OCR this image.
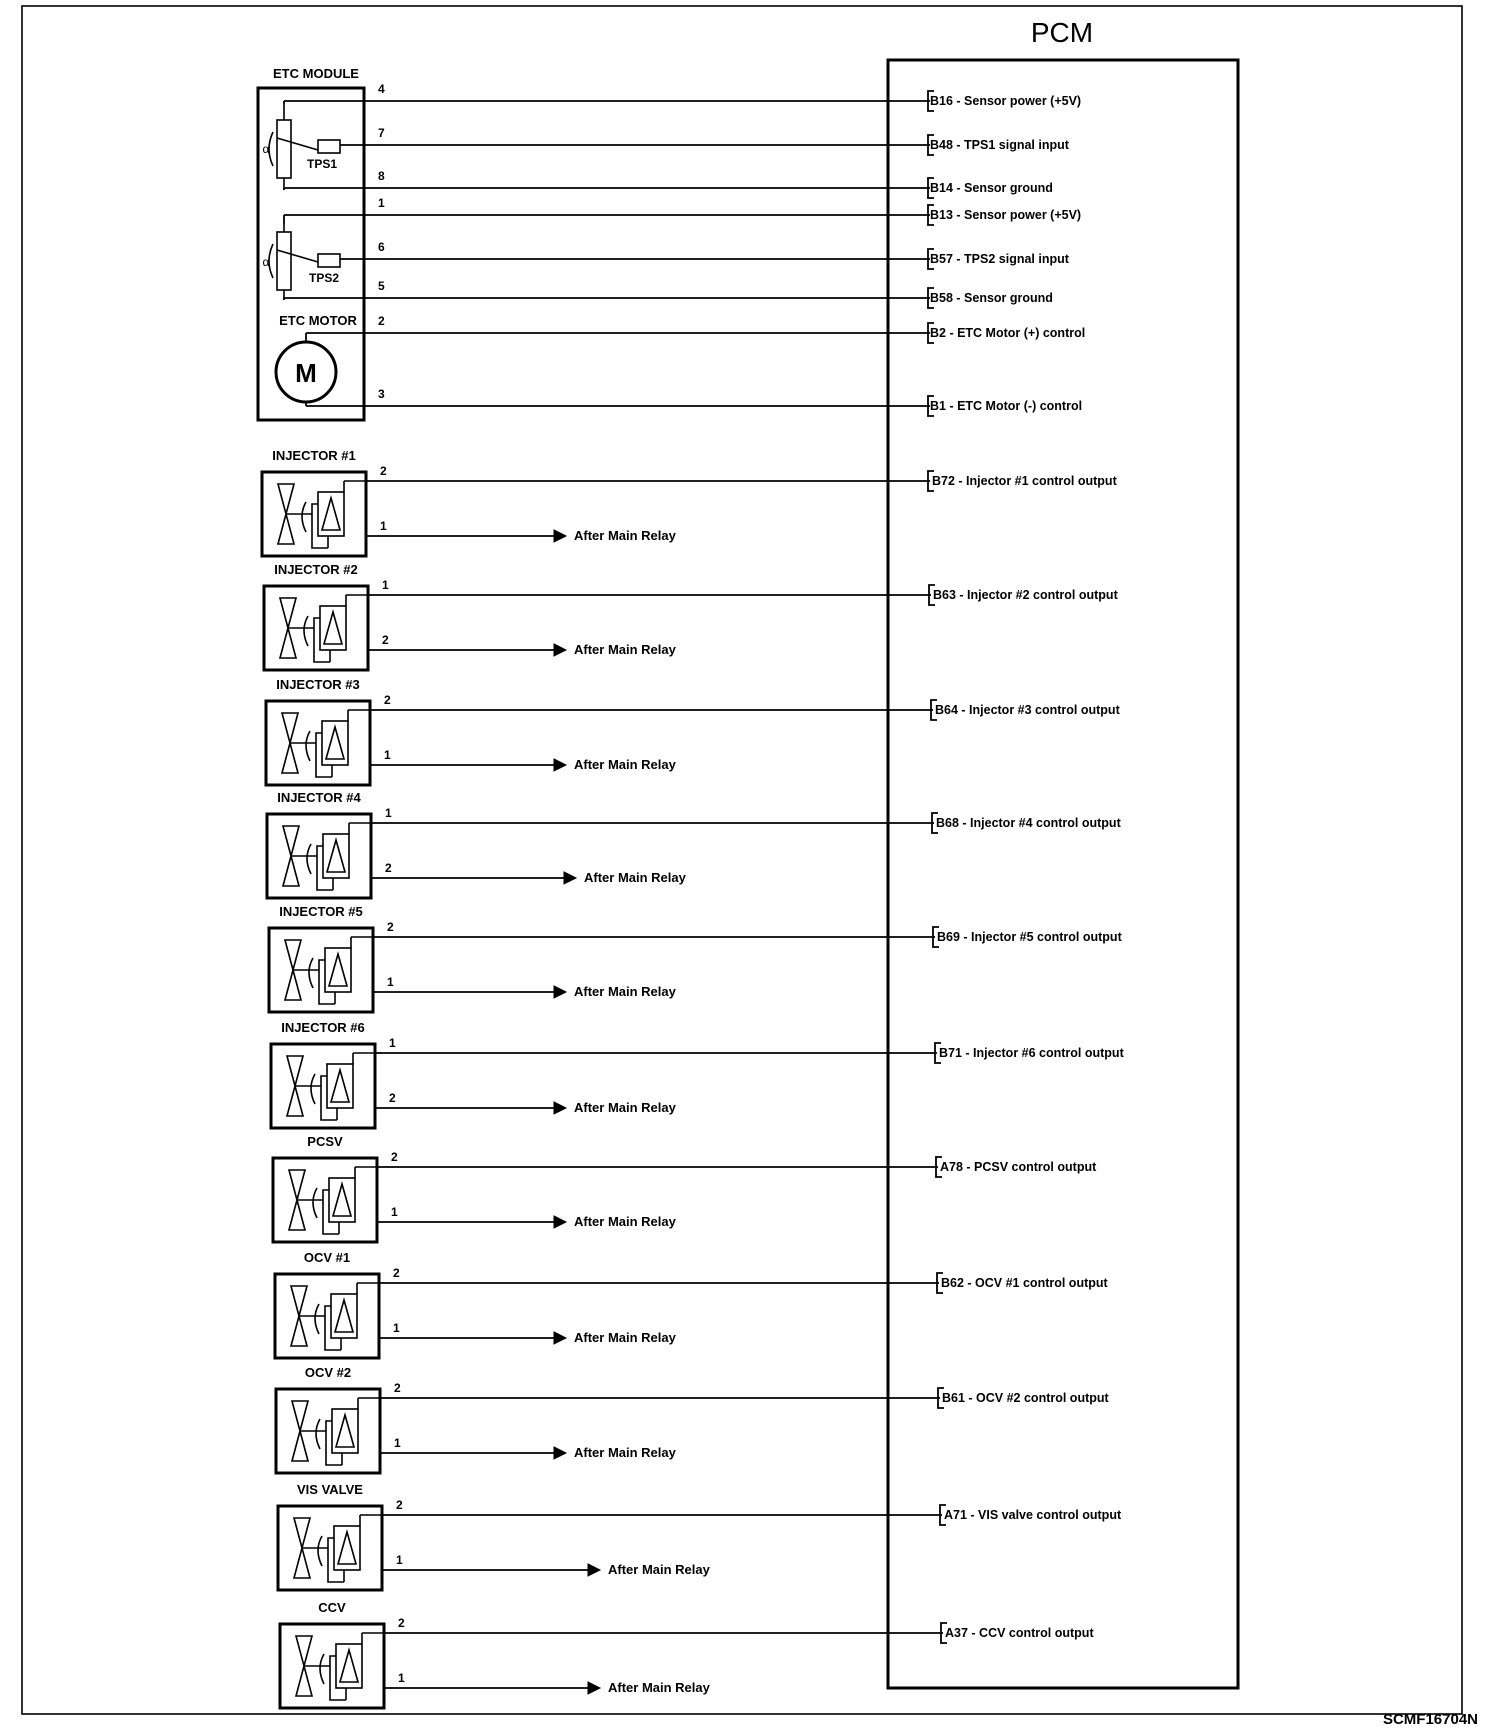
PCM
SCMF16704N
ETC MODULE
ETC MOTOR
4
B16 - Sensor power (+5V)
7
B48 - TPS1 signal input
8
B14 - Sensor ground
1
B13 - Sensor power (+5V)
6
B57 - TPS2 signal input
5
B58 - Sensor ground
2
B2 - ETC Motor (+) control
3
B1 - ETC Motor (-) control
α
TPS1
α
TPS2
M
INJECTOR #1
2
B72 - Injector #1 control output
1
After Main Relay
INJECTOR #2
1
B63 - Injector #2 control output
2
After Main Relay
INJECTOR #3
2
B64 - Injector #3 control output
1
After Main Relay
INJECTOR #4
1
B68 - Injector #4 control output
2
After Main Relay
INJECTOR #5
2
B69 - Injector #5 control output
1
After Main Relay
INJECTOR #6
1
B71 - Injector #6 control output
2
After Main Relay
PCSV
2
A78 - PCSV control output
1
After Main Relay
OCV #1
2
B62 - OCV #1 control output
1
After Main Relay
OCV #2
2
B61 - OCV #2 control output
1
After Main Relay
VIS VALVE
2
A71 - VIS valve control output
1
After Main Relay
CCV
2
A37 - CCV control output
1
After Main Relay
